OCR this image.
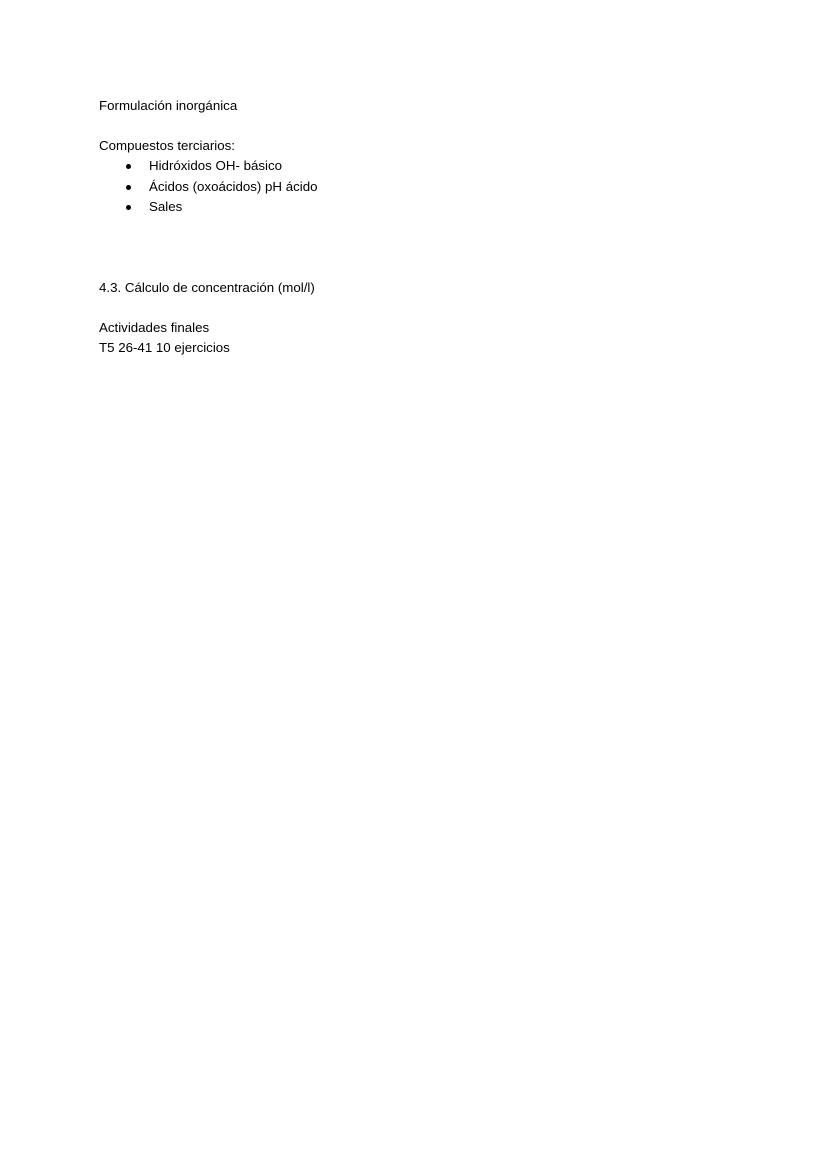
Formulación inorgánica

Compuestos terciarios:

Hidróxidos OH- básico
Ácidos (oxoácidos) pH ácido
Sales

4.3. Cálculo de concentración (mol/l)

Actividades finales

T5 26-41 10 ejercicios
